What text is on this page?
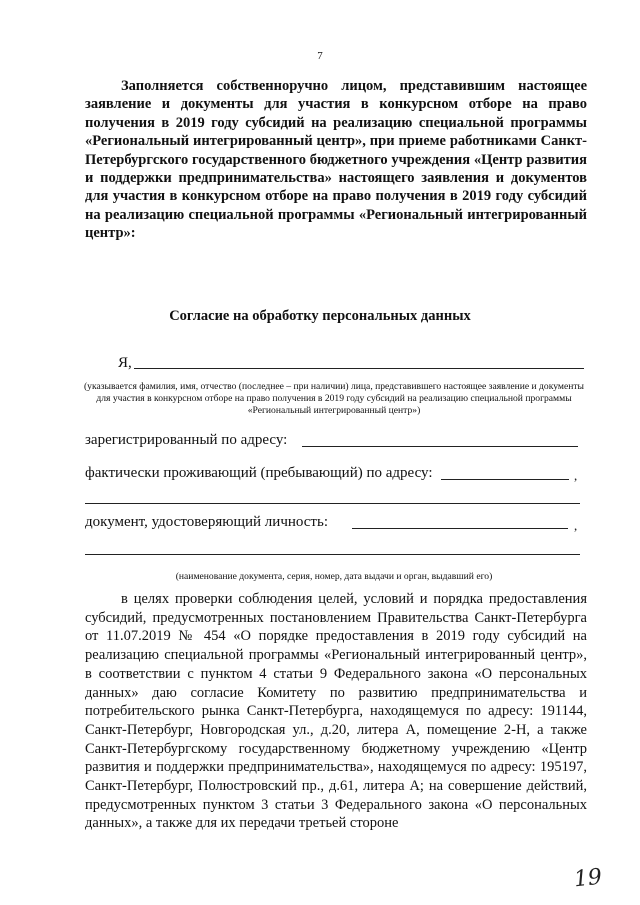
7

Заполняется собственноручно лицом, представившим настоящее заявление и документы для участия в конкурсном отборе на право получения в 2019 году субсидий на реализацию специальной программы «Региональный интегрированный центр», при приеме работниками Санкт-Петербургского государственного бюджетного учреждения «Центр развития и поддержки предпринимательства» настоящего заявления и документов для участия в конкурсном отборе на право получения в 2019 году субсидий на реализацию специальной программы «Региональный интегрированный центр»:

Согласие на обработку персональных данных
Я,

(указывается фамилия, имя, отчество (последнее – при наличии) лица, представившего настоящее заявление и документы для участия в конкурсном отборе на право получения в 2019 году субсидий на реализацию специальной программы «Региональный интегрированный центр»)

зарегистрированный по адресу:
фактически проживающий (пребывающий) по адресу:	,
документ, удостоверяющий личность:	,

(наименование документа, серия, номер, дата выдачи и орган, выдавший его)

в целях проверки соблюдения целей, условий и порядка предоставления субсидий, предусмотренных постановлением Правительства Санкт-Петербурга от 11.07.2019 № 454 «О порядке предоставления в 2019 году субсидий на реализацию специальной программы «Региональный интегрированный центр», в соответствии с пунктом 4 статьи 9 Федерального закона «О персональных данных» даю согласие Комитету по развитию предпринимательства и потребительского рынка Санкт-Петербурга, находящемуся по адресу: 191144, Санкт-Петербург, Новгородская ул., д.20, литера А, помещение 2-Н, а также Санкт-Петербургскому государственному бюджетному учреждению «Центр развития и поддержки предпринимательства», находящемуся по адресу: 195197, Санкт-Петербург, Полюстровский пр., д.61, литера А; на совершение действий, предусмотренных пунктом 3 статьи 3 Федерального закона «О персональных данных», а также для их передачи третьей стороне

19
